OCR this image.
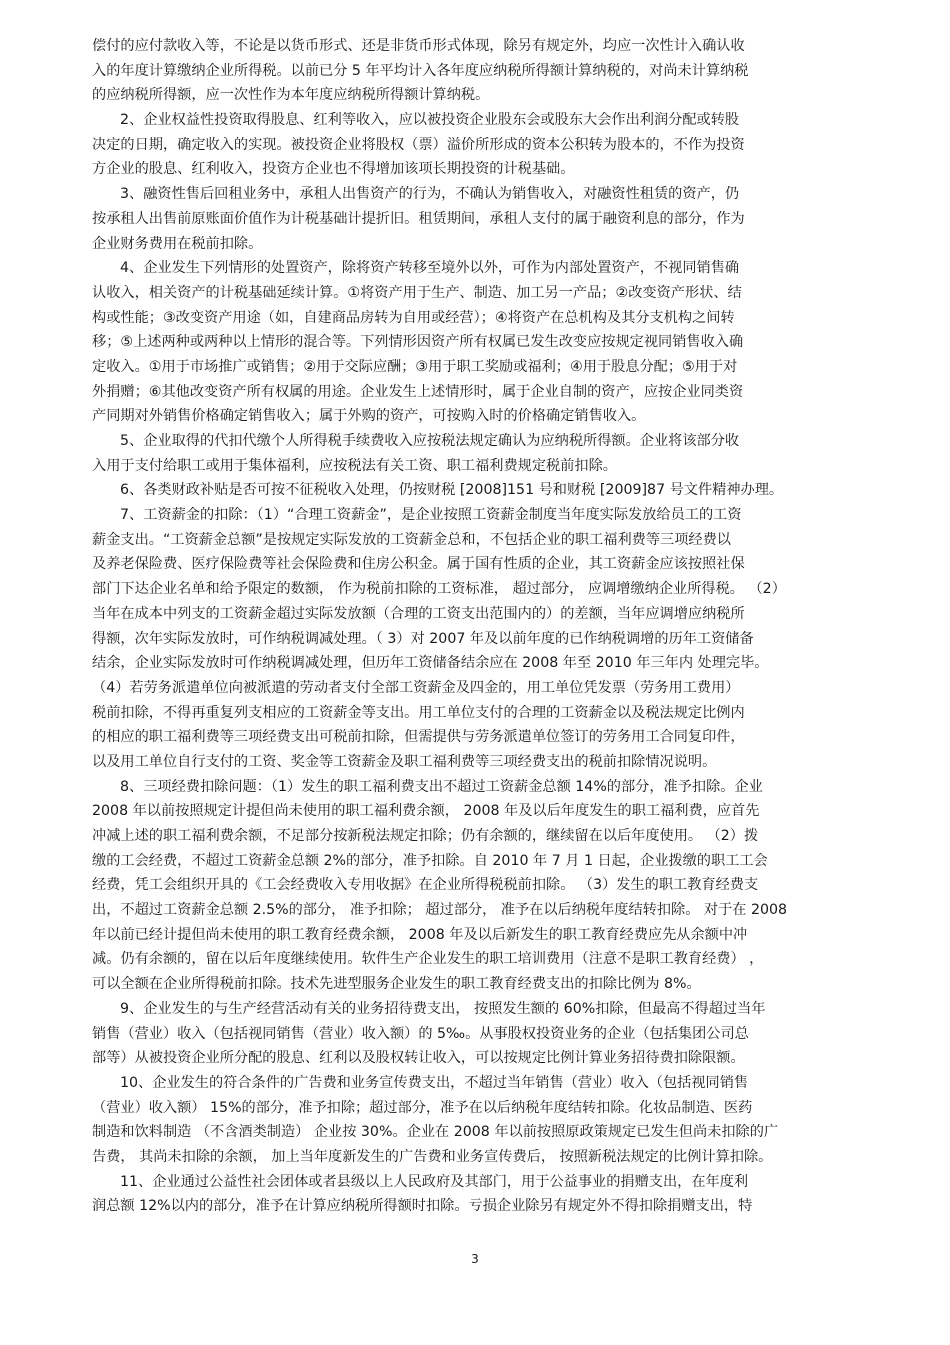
偿付的应付款收入等，不论是以货币形式、还是非货币形式体现，除另有规定外，均应一次性计入确认收
入的年度计算缴纳企业所得税。以前已分 5 年平均计入各年度应纳税所得额计算纳税的，对尚未计算纳税
的应纳税所得额，应一次性作为本年度应纳税所得额计算纳税。
2、企业权益性投资取得股息、红利等收入，应以被投资企业股东会或股东大会作出利润分配或转股
决定的日期，确定收入的实现。被投资企业将股权（票）溢价所形成的资本公积转为股本的，不作为投资
方企业的股息、红利收入，投资方企业也不得增加该项长期投资的计税基础。
3、融资性售后回租业务中，承租人出售资产的行为，不确认为销售收入，对融资性租赁的资产，仍
按承租人出售前原账面价值作为计税基础计提折旧。租赁期间，承租人支付的属于融资利息的部分，作为
企业财务费用在税前扣除。
4、企业发生下列情形的处置资产，除将资产转移至境外以外，可作为内部处置资产，不视同销售确
认收入，相关资产的计税基础延续计算。①将资产用于生产、制造、加工另一产品；②改变资产形状、结
构或性能；③改变资产用途（如，自建商品房转为自用或经营）；④将资产在总机构及其分支机构之间转
移；⑤上述两种或两种以上情形的混合等。下列情形因资产所有权属已发生改变应按规定视同销售收入确
定收入。①用于市场推广或销售；②用于交际应酬；③用于职工奖励或福利；④用于股息分配；⑤用于对
外捐赠；⑥其他改变资产所有权属的用途。企业发生上述情形时，属于企业自制的资产，应按企业同类资
产同期对外销售价格确定销售收入；属于外购的资产，可按购入时的价格确定销售收入。
5、企业取得的代扣代缴个人所得税手续费收入应按税法规定确认为应纳税所得额。企业将该部分收
入用于支付给职工或用于集体福利，应按税法有关工资、职工福利费规定税前扣除。
6、各类财政补贴是否可按不征税收入处理，仍按财税 [2008]151 号和财税 [2009]87 号文件精神办理。
7、工资薪金的扣除：（1）“合理工资薪金”，是企业按照工资薪金制度当年度实际发放给员工的工资
薪金支出。“工资薪金总额”是按规定实际发放的工资薪金总和，不包括企业的职工福利费等三项经费以
及养老保险费、医疗保险费等社会保险费和住房公积金。属于国有性质的企业，其工资薪金应该按照社保
部门下达企业名单和给予限定的数额， 作为税前扣除的工资标准， 超过部分， 应调增缴纳企业所得税。 （2）
当年在成本中列支的工资薪金超过实际发放额（合理的工资支出范围内的）的差额，当年应调增应纳税所
得额，次年实际发放时，可作纳税调减处理。（ 3）对 2007 年及以前年度的已作纳税调增的历年工资储备
结余，企业实际发放时可作纳税调减处理，但历年工资储备结余应在 2008 年至 2010 年三年内 处理完毕。
（4）若劳务派遣单位向被派遣的劳动者支付全部工资薪金及四金的，用工单位凭发票（劳务用工费用）
税前扣除，不得再重复列支相应的工资薪金等支出。用工单位支付的合理的工资薪金以及税法规定比例内
的相应的职工福利费等三项经费支出可税前扣除，但需提供与劳务派遣单位签订的劳务用工合同复印件，
以及用工单位自行支付的工资、奖金等工资薪金及职工福利费等三项经费支出的税前扣除情况说明。
8、三项经费扣除问题：（1）发生的职工福利费支出不超过工资薪金总额 14%的部分，准予扣除。企业
2008 年以前按照规定计提但尚未使用的职工福利费余额， 2008 年及以后年度发生的职工福利费，应首先
冲减上述的职工福利费余额，不足部分按新税法规定扣除；仍有余额的，继续留在以后年度使用。 （2）拨
缴的工会经费，不超过工资薪金总额 2%的部分，准予扣除。自 2010 年 7 月 1 日起，企业拨缴的职工工会
经费，凭工会组织开具的《工会经费收入专用收据》在企业所得税税前扣除。 （3）发生的职工教育经费支
出，不超过工资薪金总额 2.5%的部分， 准予扣除； 超过部分， 准予在以后纳税年度结转扣除。 对于在 2008
年以前已经计提但尚未使用的职工教育经费余额， 2008 年及以后新发生的职工教育经费应先从余额中冲
减。仍有余额的，留在以后年度继续使用。软件生产企业发生的职工培训费用（注意不是职工教育经费） ，
可以全额在企业所得税前扣除。技术先进型服务企业发生的职工教育经费支出的扣除比例为 8%。
9、企业发生的与生产经营活动有关的业务招待费支出， 按照发生额的 60%扣除，但最高不得超过当年
销售（营业）收入（包括视同销售（营业）收入额）的 5‰。从事股权投资业务的企业（包括集团公司总
部等）从被投资企业所分配的股息、红利以及股权转让收入，可以按规定比例计算业务招待费扣除限额。
10、企业发生的符合条件的广告费和业务宣传费支出，不超过当年销售（营业）收入（包括视同销售
（营业）收入额） 15%的部分，准予扣除；超过部分，准予在以后纳税年度结转扣除。化妆品制造、医药
制造和饮料制造 （不含酒类制造） 企业按 30%。企业在 2008 年以前按照原政策规定已发生但尚未扣除的广
告费， 其尚未扣除的余额， 加上当年度新发生的广告费和业务宣传费后， 按照新税法规定的比例计算扣除。
11、企业通过公益性社会团体或者县级以上人民政府及其部门，用于公益事业的捐赠支出，在年度利
润总额 12%以内的部分，准予在计算应纳税所得额时扣除。亏损企业除另有规定外不得扣除捐赠支出，特
3
